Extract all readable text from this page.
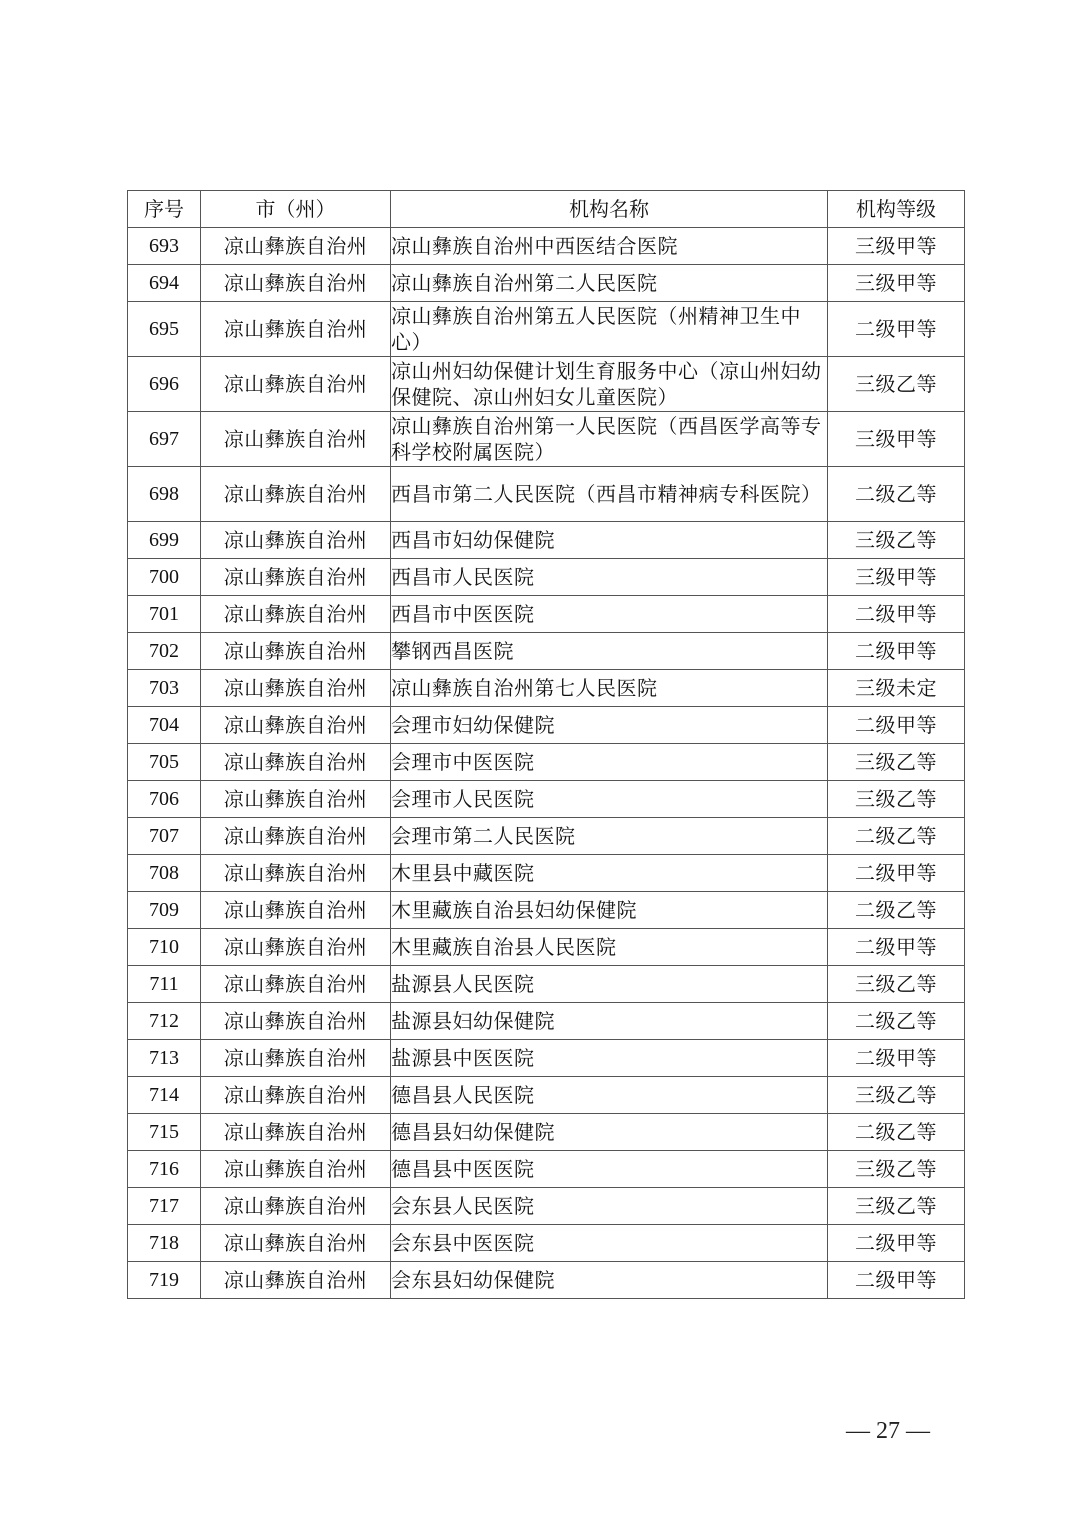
序号	市（州）	机构名称	机构等级
693	凉山彝族自治州	凉山彝族自治州中西医结合医院	三级甲等
694	凉山彝族自治州	凉山彝族自治州第二人民医院	三级甲等
695	凉山彝族自治州	凉山彝族自治州第五人民医院（州精神卫生中心）	二级甲等
696	凉山彝族自治州	凉山州妇幼保健计划生育服务中心（凉山州妇幼保健院、凉山州妇女儿童医院）	三级乙等
697	凉山彝族自治州	凉山彝族自治州第一人民医院（西昌医学高等专科学校附属医院）	三级甲等
698	凉山彝族自治州	西昌市第二人民医院（西昌市精神病专科医院）	二级乙等
699	凉山彝族自治州	西昌市妇幼保健院	三级乙等
700	凉山彝族自治州	西昌市人民医院	三级甲等
701	凉山彝族自治州	西昌市中医医院	二级甲等
702	凉山彝族自治州	攀钢西昌医院	二级甲等
703	凉山彝族自治州	凉山彝族自治州第七人民医院	三级未定
704	凉山彝族自治州	会理市妇幼保健院	二级甲等
705	凉山彝族自治州	会理市中医医院	三级乙等
706	凉山彝族自治州	会理市人民医院	三级乙等
707	凉山彝族自治州	会理市第二人民医院	二级乙等
708	凉山彝族自治州	木里县中藏医院	二级甲等
709	凉山彝族自治州	木里藏族自治县妇幼保健院	二级乙等
710	凉山彝族自治州	木里藏族自治县人民医院	二级甲等
711	凉山彝族自治州	盐源县人民医院	三级乙等
712	凉山彝族自治州	盐源县妇幼保健院	二级乙等
713	凉山彝族自治州	盐源县中医医院	二级甲等
714	凉山彝族自治州	德昌县人民医院	三级乙等
715	凉山彝族自治州	德昌县妇幼保健院	二级乙等
716	凉山彝族自治州	德昌县中医医院	三级乙等
717	凉山彝族自治州	会东县人民医院	三级乙等
718	凉山彝族自治州	会东县中医医院	二级甲等
719	凉山彝族自治州	会东县妇幼保健院	二级甲等
— 27 —
